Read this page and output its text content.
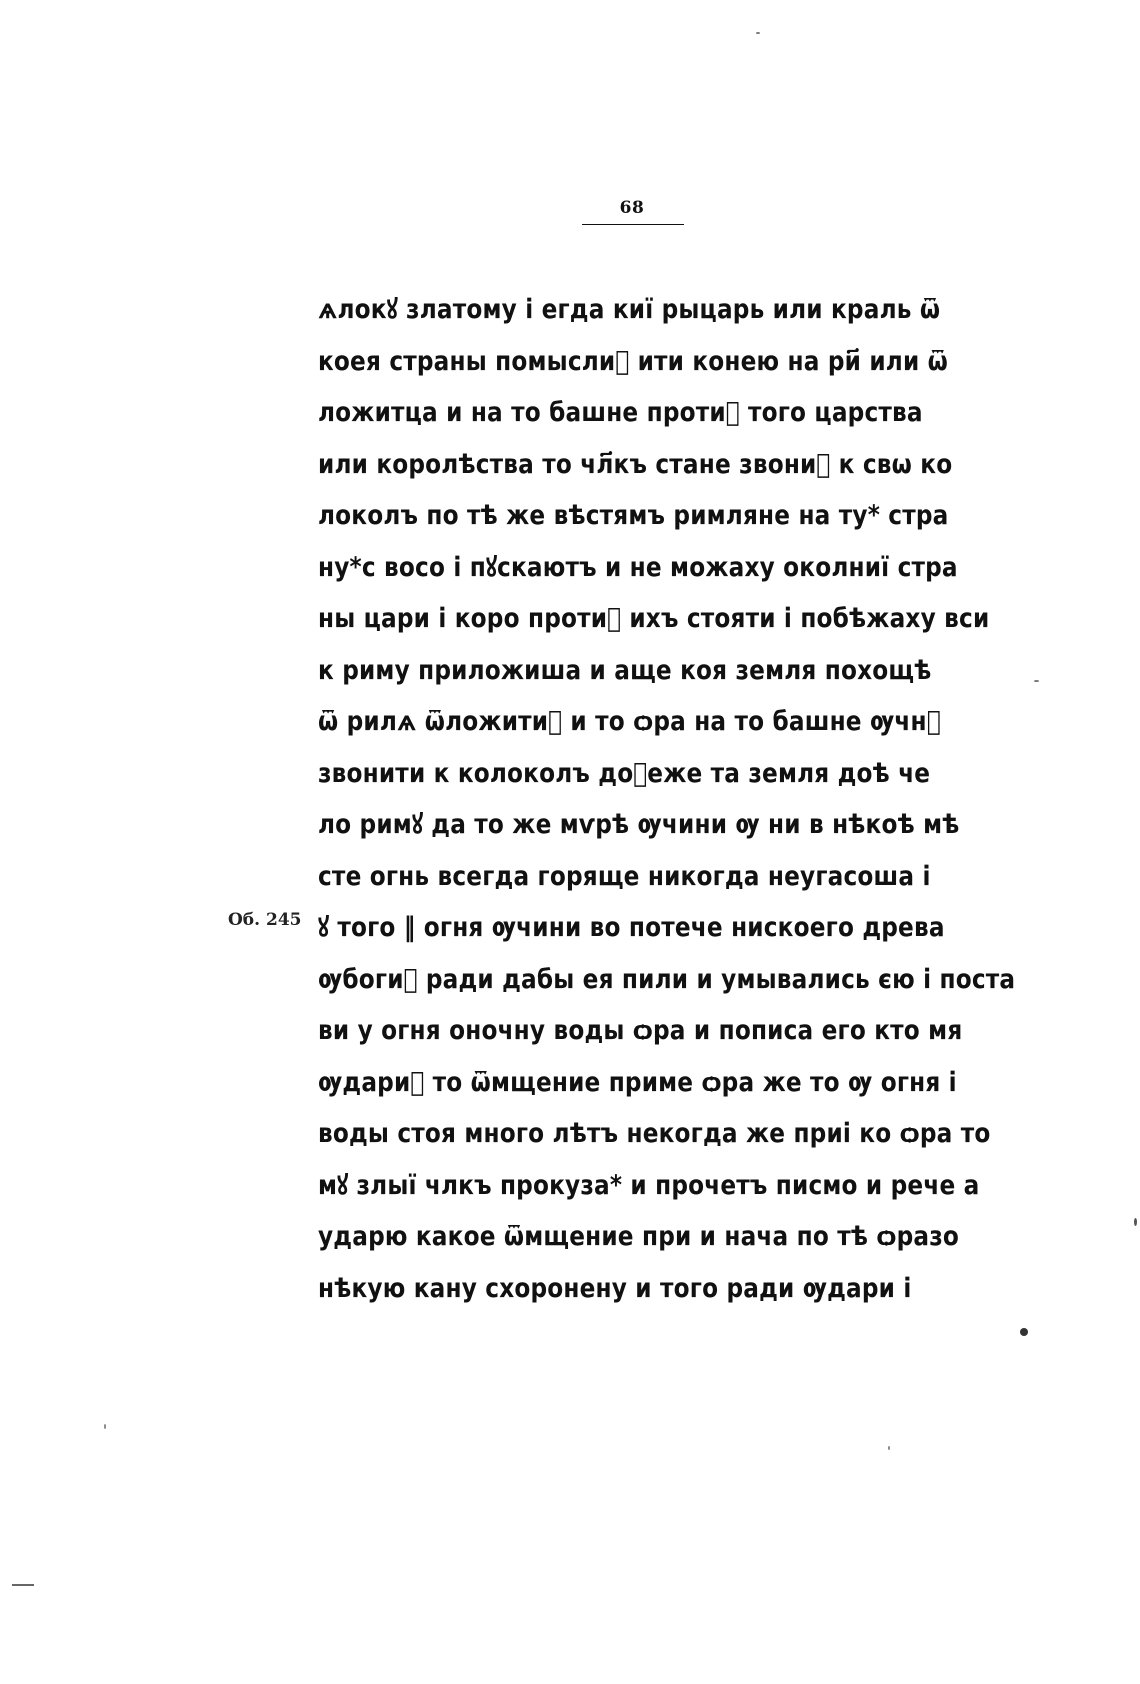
68
Об. 245
ѧлокꙋ златому і егда киї рыцарь или краль ѿ
коея страны помыслиⷮ ити конею на ри҃ или ѿ
ложитца и на то башне протиⷡ того царства
или королѣства то чл҃къ стане звониⷮ к свѡ ко
локолъ по тѣ же вѣстямъ римляне на ту* стра
ну*с восо і пꙋскаютъ и не можаху околниї стра
ны цари і коро протиⷡ ихъ стояти і побѣжаху вси
к риму приложиша и аще коя земля похощѣ
ѿ рилѧ ѿложитиⷡ и то ѻра на то башне ѹчнꙋ
звонити к колоколъ доⷣеже та земля доѣ че
ло римꙋ да то же мѵрѣ ѹчини ѹ ни в нѣкоѣ мѣ
сте огнь всегда горяще никогда неугасоша і
ꙋ того ‖ огня ѹчини во потече нискоего древа
ѹбогиⷨ ради дабы ея пили и умывались єю і поста
ви у огня оночну воды ѻра и пописа его кто мя
ѹдариⷮ то ѿмщение приме ѻра же то ѹ огня і
воды стоя много лѣтъ некогда же приі ко ѻра то
мꙋ злыї члкъ прокуза* и прочетъ писмо и рече а
ударю какое ѿмщение при и нача по тѣ ѻразо
нѣкую кану схоронену и того ради ѹдари і
